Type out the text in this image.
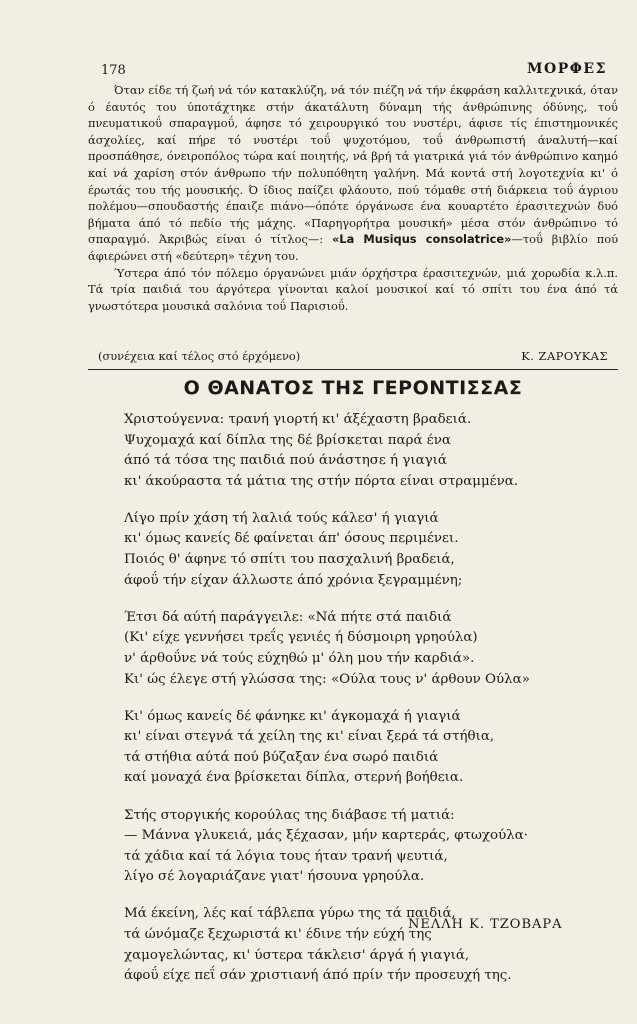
178	ΜΟΡΦΕΣ

Όταν είδε τή ζωή νά τόν κατακλύζη, νά τόν πιέζη νά τήν έκφράση καλλιτεχνικά, όταν ό έαυτός του ύποτάχτηκε στήν άκατάλυτη δύναμη τής άνθρώπινης όδύνης, τοΰ πνευματικοΰ σπαραγμοΰ, άφησε τό χειρουργικό του νυστέρι, άφισε τίς έπιστημονικές άσχολίες, καί πήρε τό νυστέρι τοΰ ψυχοτόμου, τοΰ άνθρωπιστή άναλυτή—καί προσπάθησε, όνειροπόλος τώρα καί ποιητής, νά βρή τά γιατρικά γιά τόν άνθρώπινο καημό καί νά χαρίση στόν άνθρωπο τήν πολυπόθητη γαλήνη. Μά κοντά στή λογοτεχνία κι' ό έρωτάς του τής μουσικής. Ό ίδιος παίζει φλάουτο, πού τόμαθε στή διάρκεια τοΰ άγριου πολέμου—σπουδαστής έπαιζε πιάνο—όπότε όργάνωσε ένα κουαρτέτο έρασιτεχνών δυό βήματα άπό τό πεδίο τής μάχης. «Παρηγορήτρα μουσική» μέσα στόν άνθρώπινο τό σπαραγμό. Άκριβώς είναι ό τίτλος—: «La Musiqus consolatrice»—τοΰ βιβλίο πού άφιερώνει στή «δεύτερη» τέχνη του.

Ύστερα άπό τόν πόλεμο όργανώνει μιάν όρχήστρα έρασιτεχνών, μιά χορωδία κ.λ.π. Τά τρία παιδιά του άργότερα γίνονται καλοί μουσικοί καί τό σπίτι του ένα άπό τά γνωστότερα μουσικά σαλόνια τοΰ Παρισιοΰ.

(συνέχεια καί τέλος στό έρχόμενο)	Κ. ΖΑΡΟΥΚΑΣ
Ο ΘΑΝΑΤΟΣ ΤΗΣ ΓΕΡΟΝΤΙΣΣΑΣ
Χριστούγεννα: τρανή γιορτή κι' άξέχαστη βραδειά.
Ψυχομαχά καί δίπλα της δέ βρίσκεται παρά ένα
άπό τά τόσα της παιδιά πού άνάστησε ή γιαγιά
κι' άκούραστα τά μάτια της στήν πόρτα είναι στραμμένα.
Λίγο πρίν χάση τή λαλιά τούς κάλεσ' ή γιαγιά
κι' όμως κανείς δέ φαίνεται άπ' όσους περιμένει.
Ποιός θ' άφηνε τό σπίτι του πασχαλινή βραδειά,
άφοΰ τήν είχαν άλλωστε άπό χρόνια ξεγραμμένη;
Έτσι δά αύτή παράγγειλε: «Νά πήτε στά παιδιά
(Κι' είχε γεννήσει τρεΐς γενιές ή δύσμοιρη γρηούλα)
ν' άρθοΰνε νά τούς εύχηθώ μ' όλη μου τήν καρδιά».
Κι' ώς έλεγε στή γλώσσα της: «Ούλα τους ν' άρθουν Ούλα»
Κι' όμως κανείς δέ φάνηκε κι' άγκομαχά ή γιαγιά
κι' είναι στεγνά τά χείλη της κι' είναι ξερά τά στήθια,
τά στήθια αύτά πού βύζαξαν ένα σωρό παιδιά
καί μοναχά ένα βρίσκεται δίπλα, στερνή βοήθεια.
Στής στοργικής κορούλας της διάβασε τή ματιά:
— Μάννα γλυκειά, μάς ξέχασαν, μήν καρτεράς, φτωχούλα·
τά χάδια καί τά λόγια τους ήταν τρανή ψευτιά,
λίγο σέ λογαριάζανε γιατ' ήσουνα γρηούλα.
Μά έκείνη, λές καί τάβλεπα γύρω της τά παιδιά,
τά ώνόμαζε ξεχωριστά κι' έδινε τήν εύχή της
χαμογελώντας, κι' ύστερα τάκλεισ' άργά ή γιαγιά,
άφοΰ είχε πεΐ σάν χριστιανή άπό πρίν τήν προσευχή της.
ΝΕΛΛΗ Κ. ΤΖΟΒΑΡΑ
